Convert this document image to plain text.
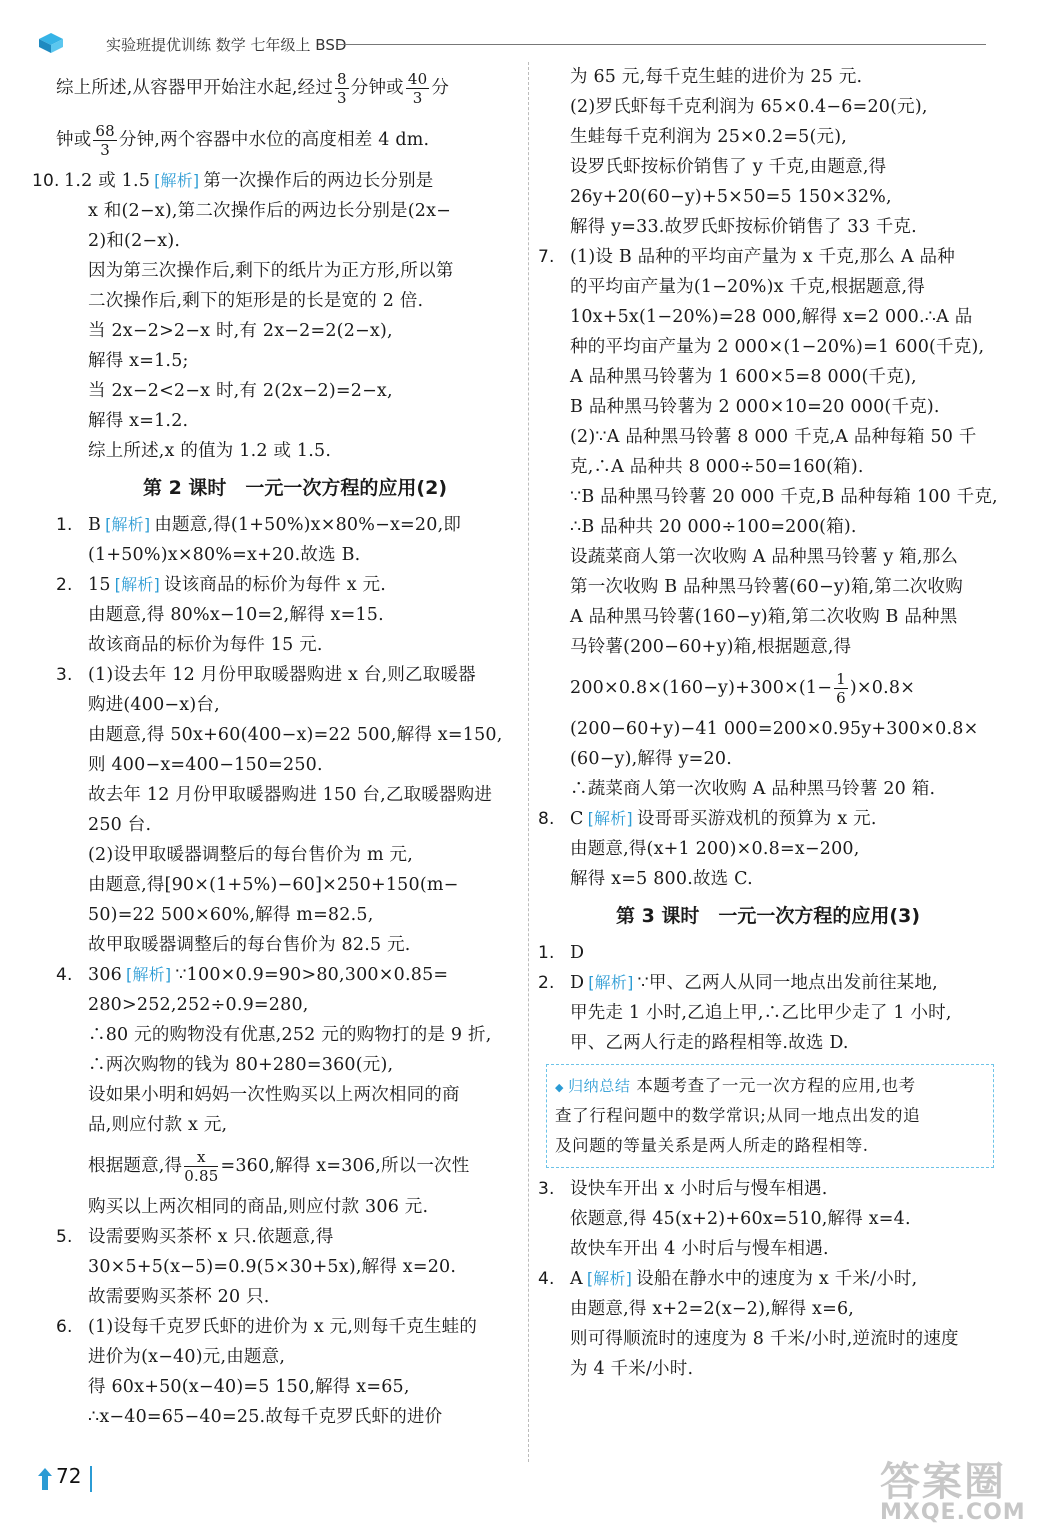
实验班提优训练 数学 七年级上 BSD
综上所述,从容器甲开始注水起,经过 $\frac{8}{3}$ 分钟或 $\frac{40}{3}$ 分
钟或 $\frac{68}{3}$ 分钟,两个容器中水位的高度相差 4 dm.
10. 1.2 或 1.5 [解析] 第一次操作后的两边长分别是
x 和(2−x),第二次操作后的两边长分别是(2x−
2)和(2−x).
因为第三次操作后,剩下的纸片为正方形,所以第
二次操作后,剩下的矩形是的长是宽的 2 倍.
当 2x−2>2−x 时,有 2x−2=2(2−x),
解得 x=1.5;
当 2x−2<2−x 时,有 2(2x−2)=2−x,
解得 x=1.2.
综上所述,x 的值为 1.2 或 1.5.
第 2 课时　一元一次方程的应用(2)
1. B [解析] 由题意,得(1+50%)x×80%−x=20,即
(1+50%)x×80%=x+20.故选 B.
2. 15 [解析] 设该商品的标价为每件 x 元.
由题意,得 80%x−10=2,解得 x=15.
故该商品的标价为每件 15 元.
3. (1)设去年 12 月份甲取暖器购进 x 台,则乙取暖器
购进(400−x)台,
由题意,得 50x+60(400−x)=22 500,解得 x=150,
则 400−x=400−150=250.
故去年 12 月份甲取暖器购进 150 台,乙取暖器购进
250 台.
(2)设甲取暖器调整后的每台售价为 m 元,
由题意,得[90×(1+5%)−60]×250+150(m−
50)=22 500×60%,解得 m=82.5,
故甲取暖器调整后的每台售价为 82.5 元.
4. 306 [解析] ∵100×0.9=90>80,300×0.85=
280>252,252÷0.9=280,
∴80 元的购物没有优惠,252 元的购物打的是 9 折,
∴两次购物的钱为 80+280=360(元),
设如果小明和妈妈一次性购买以上两次相同的商
品,则应付款 x 元,
根据题意,得 $\frac{x}{0.85} =360$,解得 x=306,所以一次性
购买以上两次相同的商品,则应付款 306 元.
5. 设需要购买茶杯 x 只.依题意,得
30×5+5(x−5)=0.9(5×30+5x),解得 x=20.
故需要购买茶杯 20 只.
6. (1)设每千克罗氏虾的进价为 x 元,则每千克生蛙的
进价为(x−40)元,由题意,
得 60x+50(x−40)=5 150,解得 x=65,
∴x−40=65−40=25.故每千克罗氏虾的进价
为 65 元,每千克生蛙的进价为 25 元.
(2)罗氏虾每千克利润为 65×0.4−6=20(元),
生蛙每千克利润为 25×0.2=5(元),
设罗氏虾按标价销售了 y 千克,由题意,得
26y+20(60−y)+5×50=5 150×32%,
解得 y=33.故罗氏虾按标价销售了 33 千克.
7. (1)设 B 品种的平均亩产量为 x 千克,那么 A 品种
的平均亩产量为(1−20%)x 千克,根据题意,得
10x+5x(1−20%)=28 000,解得 x=2 000.∴A 品
种的平均亩产量为 2 000×(1−20%)=1 600(千克),
A 品种黑马铃薯为 1 600×5=8 000(千克),
B 品种黑马铃薯为 2 000×10=20 000(千克).
(2)∵A 品种黑马铃薯 8 000 千克,A 品种每箱 50 千
克,∴A 品种共 8 000÷50=160(箱).
∵B 品种黑马铃薯 20 000 千克,B 品种每箱 100 千克,
∴B 品种共 20 000÷100=200(箱).
设蔬菜商人第一次收购 A 品种黑马铃薯 y 箱,那么
第一次收购 B 品种黑马铃薯(60−y)箱,第二次收购
A 品种黑马铃薯(160−y)箱,第二次收购 B 品种黑
马铃薯(200−60+y)箱,根据题意,得
$200\times 0.8\times(160-y)+300\times(1- \frac{1}{6} )\times 0.8\times$
(200−60+y)−41 000=200×0.95y+300×0.8×
(60−y),解得 y=20.
∴蔬菜商人第一次收购 A 品种黑马铃薯 20 箱.
8. C [解析] 设哥哥买游戏机的预算为 x 元.
由题意,得(x+1 200)×0.8=x−200,
解得 x=5 800.故选 C.
第 3 课时　一元一次方程的应用(3)
1. D
2. D [解析] ∵甲、乙两人从同一地点出发前往某地,
甲先走 1 小时,乙追上甲,∴乙比甲少走了 1 小时,
甲、乙两人行走的路程相等.故选 D.
◆ 归纳总结 本题考查了一元一次方程的应用,也考
查了行程问题中的数学常识;从同一地点出发的追
及问题的等量关系是两人所走的路程相等.
3. 设快车开出 x 小时后与慢车相遇.
依题意,得 45(x+2)+60x=510,解得 x=4.
故快车开出 4 小时后与慢车相遇.
4. A [解析] 设船在静水中的速度为 x 千米/小时,
由题意,得 x+2=2(x−2),解得 x=6,
则可得顺流时的速度为 8 千米/小时,逆流时的速度
为 4 千米/小时.
72	答案圈
MXQE.COM
